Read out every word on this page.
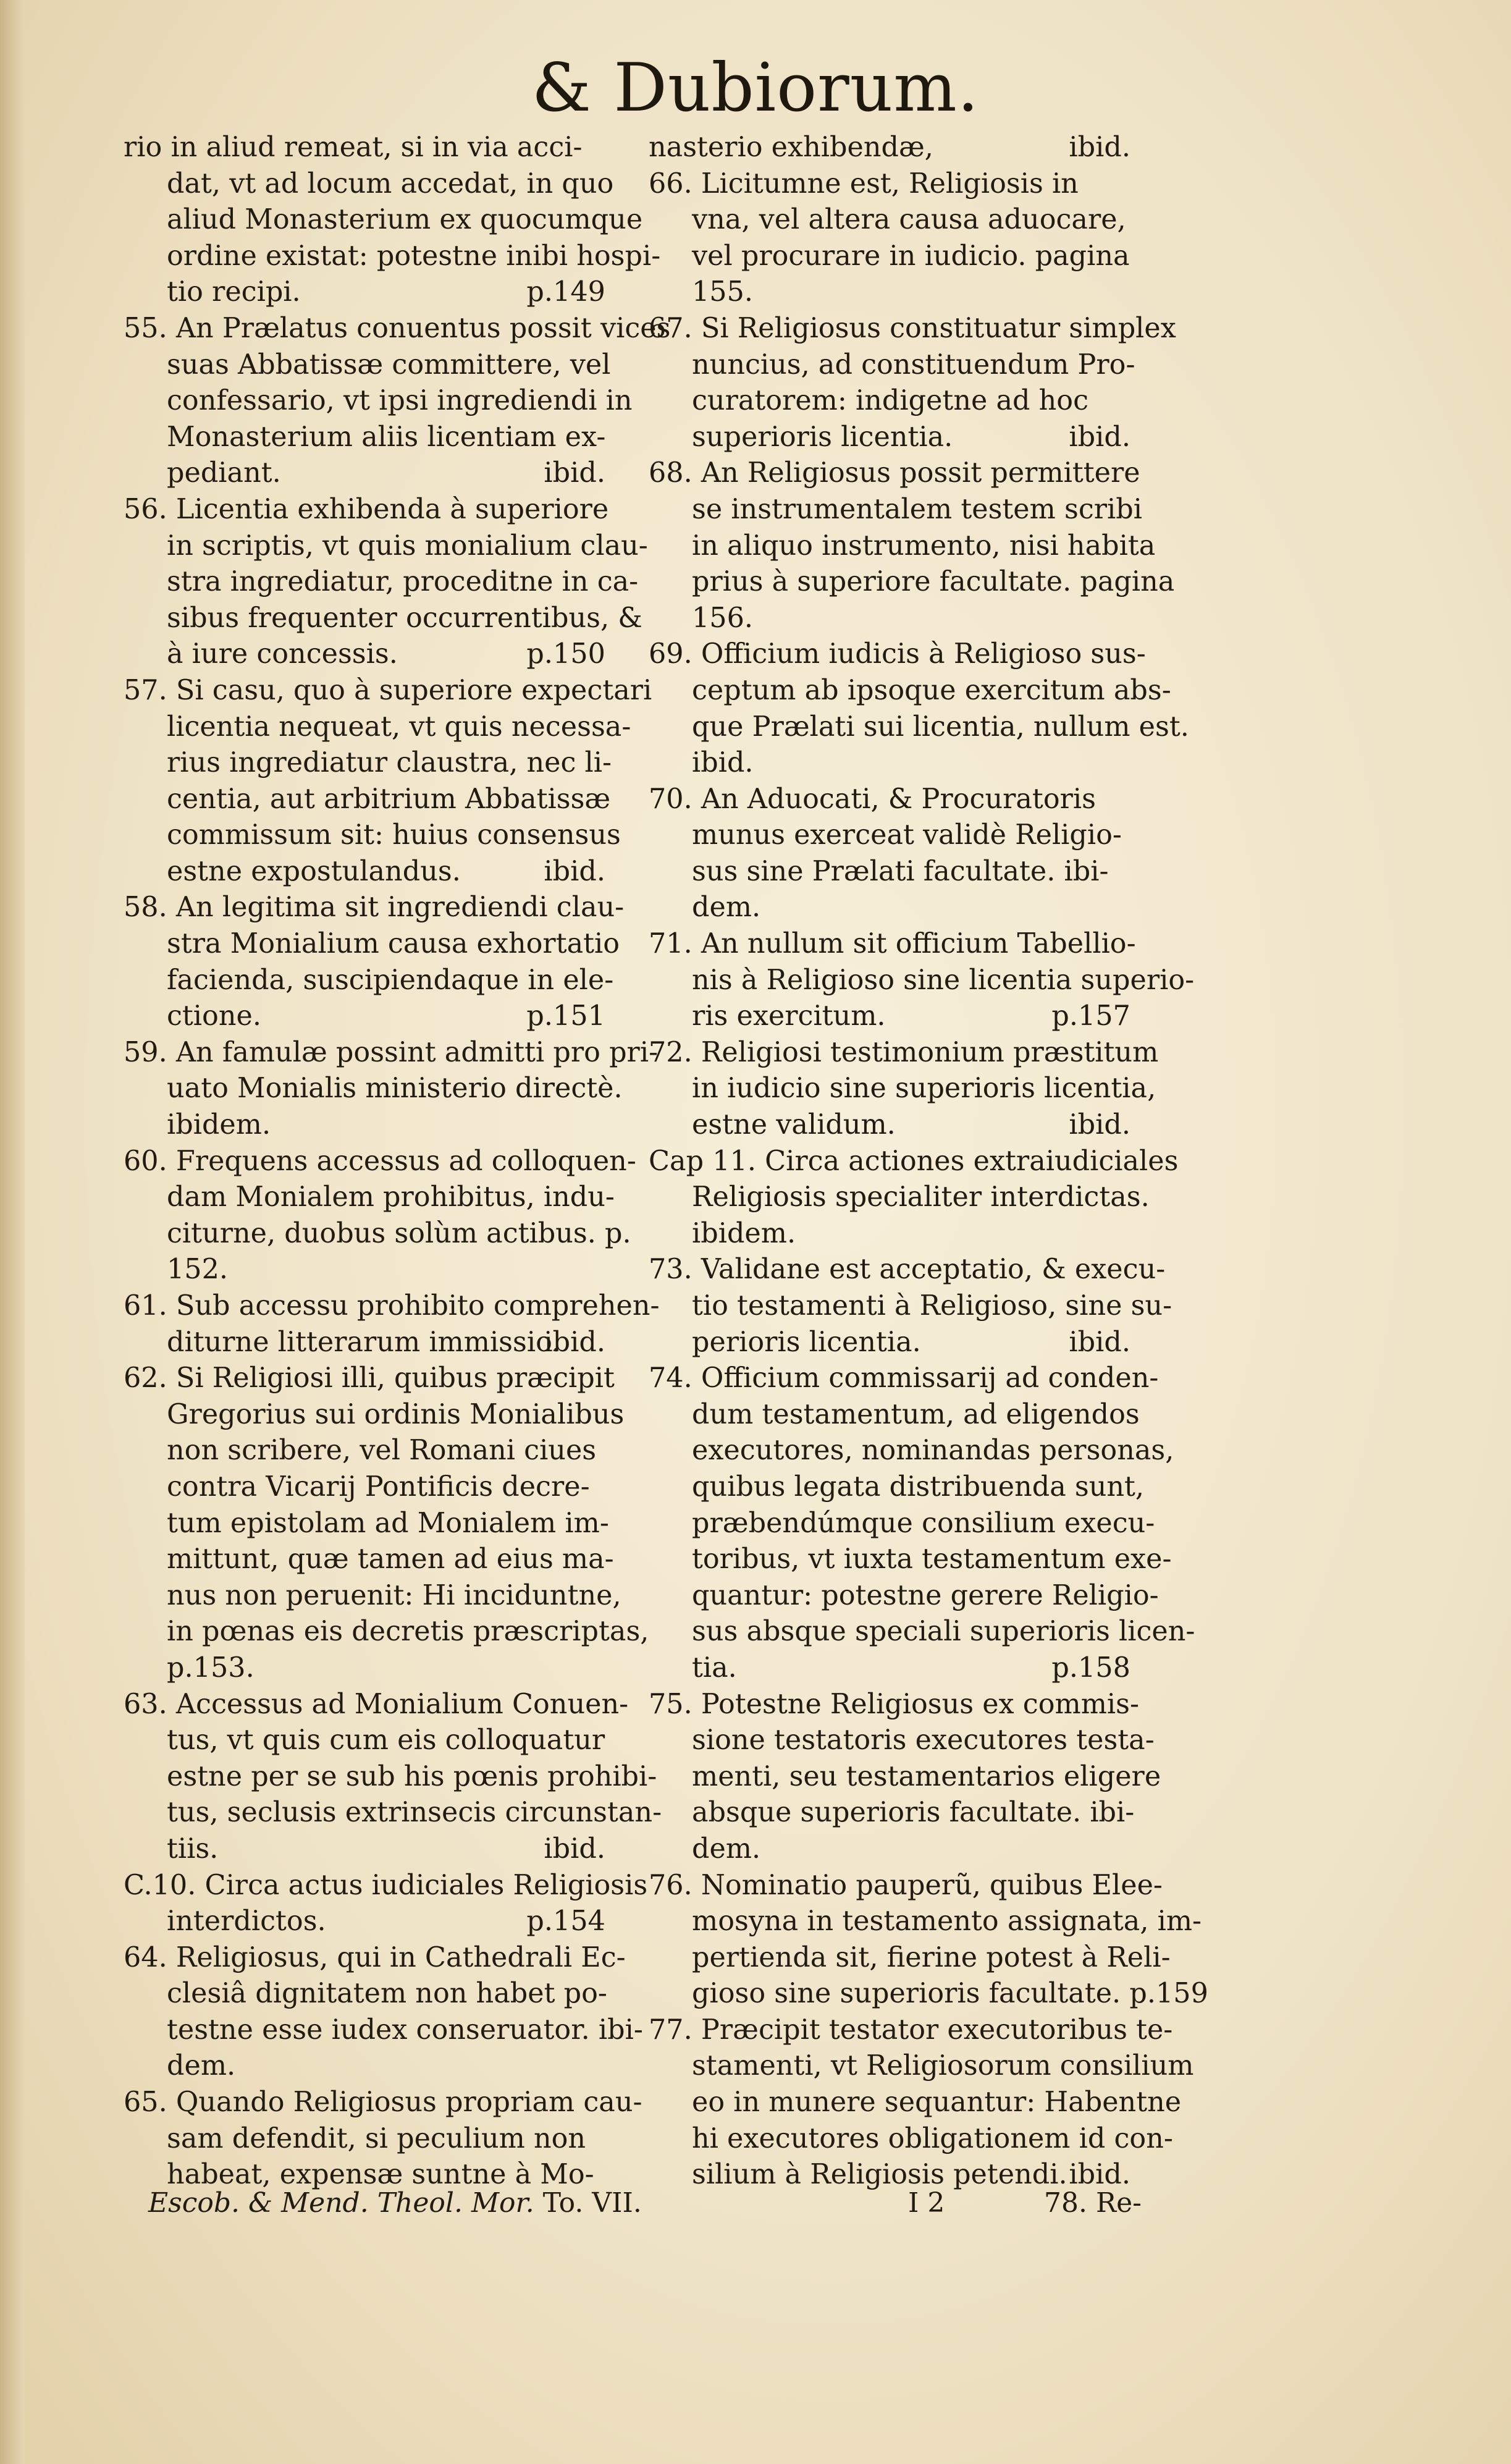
& Dubiorum.
rio in aliud remeat, si in via acci-
dat, vt ad locum accedat, in quo
aliud Monasterium ex quocumque
ordine existat: potestne inibi hospi-
tio recipi.	p.149
55. An Prælatus conuentus possit vices
suas Abbatissæ committere, vel
confessario, vt ipsi ingrediendi in
Monasterium aliis licentiam ex-
pediant.	ibid.
56. Licentia exhibenda à superiore
in scriptis, vt quis monialium clau-
stra ingrediatur, proceditne in ca-
sibus frequenter occurrentibus, &
à iure concessis.	p.150
57. Si casu, quo à superiore expectari
licentia nequeat, vt quis necessa-
rius ingrediatur claustra, nec li-
centia, aut arbitrium Abbatissæ
commissum sit: huius consensus
estne expostulandus.	ibid.
58. An legitima sit ingrediendi clau-
stra Monialium causa exhortatio
facienda, suscipiendaque in ele-
ctione.	p.151
59. An famulæ possint admitti pro pri-
uato Monialis ministerio directè.
ibidem.
60. Frequens accessus ad colloquen-
dam Monialem prohibitus, indu-
citurne, duobus solùm actibus. p.
152.
61. Sub accessu prohibito comprehen-
diturne litterarum immissio.
ibid.
62. Si Religiosi illi, quibus præcipit
Gregorius sui ordinis Monialibus
non scribere, vel Romani ciues
contra Vicarij Pontificis decre-
tum epistolam ad Monialem im-
mittunt, quæ tamen ad eius ma-
nus non peruenit: Hi inciduntne,
in pœnas eis decretis præscriptas,
p.153.
63. Accessus ad Monialium Conuen-
tus, vt quis cum eis colloquatur
estne per se sub his pœnis prohibi-
tus, seclusis extrinsecis circunstan-
tiis.	ibid.
C.10. Circa actus iudiciales Religiosis
interdictos.	p.154
64. Religiosus, qui in Cathedrali Ec-
clesiâ dignitatem non habet po-
testne esse iudex conseruator. ibi-
dem.
65. Quando Religiosus propriam cau-
sam defendit, si peculium non
habeat, expensæ suntne à Mo-
nasterio exhibendæ,	ibid.
66. Licitumne est, Religiosis in
vna, vel altera causa aduocare,
vel procurare in iudicio. pagina
155.
67. Si Religiosus constituatur simplex
nuncius, ad constituendum Pro-
curatorem: indigetne ad hoc
superioris licentia.	ibid.
68. An Religiosus possit permittere
se instrumentalem testem scribi
in aliquo instrumento, nisi habita
prius à superiore facultate. pagina
156.
69. Officium iudicis à Religioso sus-
ceptum ab ipsoque exercitum abs-
que Prælati sui licentia, nullum est.
ibid.
70. An Aduocati, & Procuratoris
munus exerceat validè Religio-
sus sine Prælati facultate. ibi-
dem.
71. An nullum sit officium Tabellio-
nis à Religioso sine licentia superio-
ris exercitum.	p.157
72. Religiosi testimonium præstitum
in iudicio sine superioris licentia,
estne validum.	ibid.
Cap 11. Circa actiones extraiudiciales
Religiosis specialiter interdictas.
ibidem.
73. Validane est acceptatio, & execu-
tio testamenti à Religioso, sine su-
perioris licentia.	ibid.
74. Officium commissarij ad conden-
dum testamentum, ad eligendos
executores, nominandas personas,
quibus legata distribuenda sunt,
præbendúmque consilium execu-
toribus, vt iuxta testamentum exe-
quantur: potestne gerere Religio-
sus absque speciali superioris licen-
tia.	p.158
75. Potestne Religiosus ex commis-
sione testatoris executores testa-
menti, seu testamentarios eligere
absque superioris facultate. ibi-
dem.
76. Nominatio pauperũ, quibus Elee-
mosyna in testamento assignata, im-
pertienda sit, fierine potest à Reli-
gioso sine superioris facultate. p.159
77. Præcipit testator executoribus te-
stamenti, vt Religiosorum consilium
eo in munere sequantur: Habentne
hi executores obligationem id con-
silium à Religiosis petendi. ibid.
Escob. & Mend. Theol. Mor. To. VII.	I 2	78. Re-
